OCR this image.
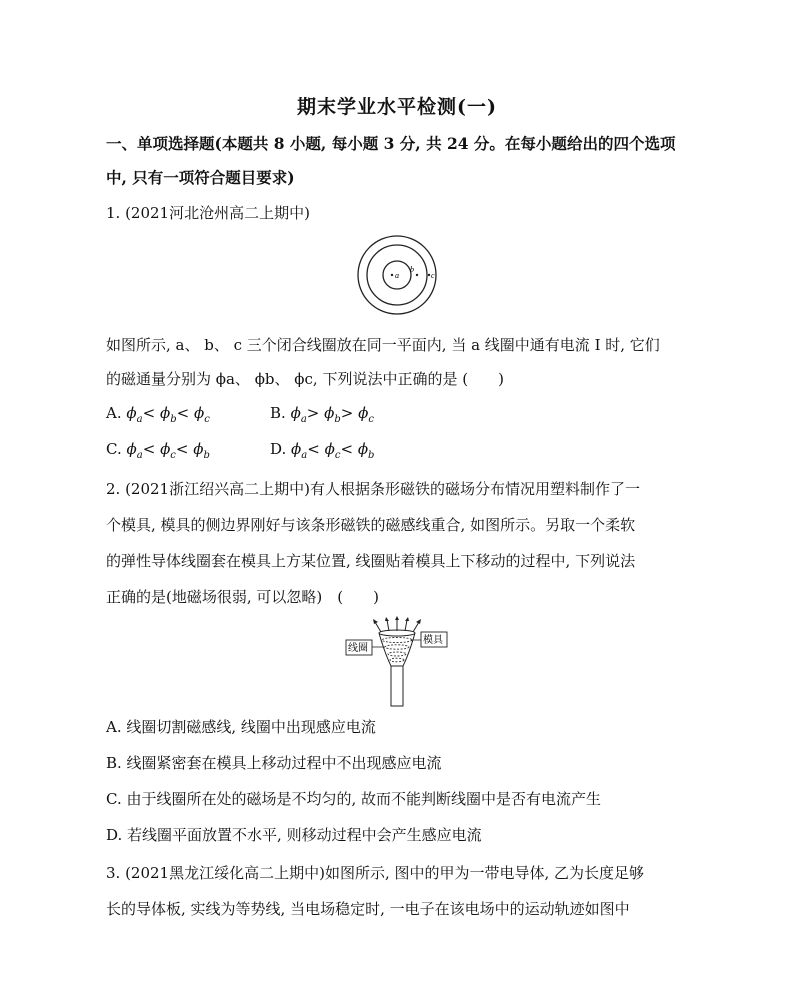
期末学业水平检测(一)
一、单项选择题(本题共 8 小题, 每小题 3 分, 共 24 分。在每小题给出的四个选项
中, 只有一项符合题目要求)
1. (2021河北沧州高二上期中)
a
b
c
如图所示, a、 b、 c 三个闭合线圈放在同一平面内, 当 a 线圈中通有电流 I 时, 它们
的磁通量分别为 ϕa、 ϕb、 ϕc, 下列说法中正确的是 (　　)
A. $\phi_a< \phi_b< \phi_c$	B. $\phi_a> \phi_b> \phi_c$
C. $\phi_a< \phi_c< \phi_b$	D. $\phi_a< \phi_c< \phi_b$
2. (2021浙江绍兴高二上期中)有人根据条形磁铁的磁场分布情况用塑料制作了一
个模具, 模具的侧边界刚好与该条形磁铁的磁感线重合, 如图所示。另取一个柔软
的弹性导体线圈套在模具上方某位置, 线圈贴着模具上下移动的过程中, 下列说法
正确的是(地磁场很弱, 可以忽略)　(　　)
线圈
模具
A. 线圈切割磁感线, 线圈中出现感应电流
B. 线圈紧密套在模具上移动过程中不出现感应电流
C. 由于线圈所在处的磁场是不均匀的, 故而不能判断线圈中是否有电流产生
D. 若线圈平面放置不水平, 则移动过程中会产生感应电流
3. (2021黑龙江绥化高二上期中)如图所示, 图中的甲为一带电导体, 乙为长度足够
长的导体板, 实线为等势线, 当电场稳定时, 一电子在该电场中的运动轨迹如图中
